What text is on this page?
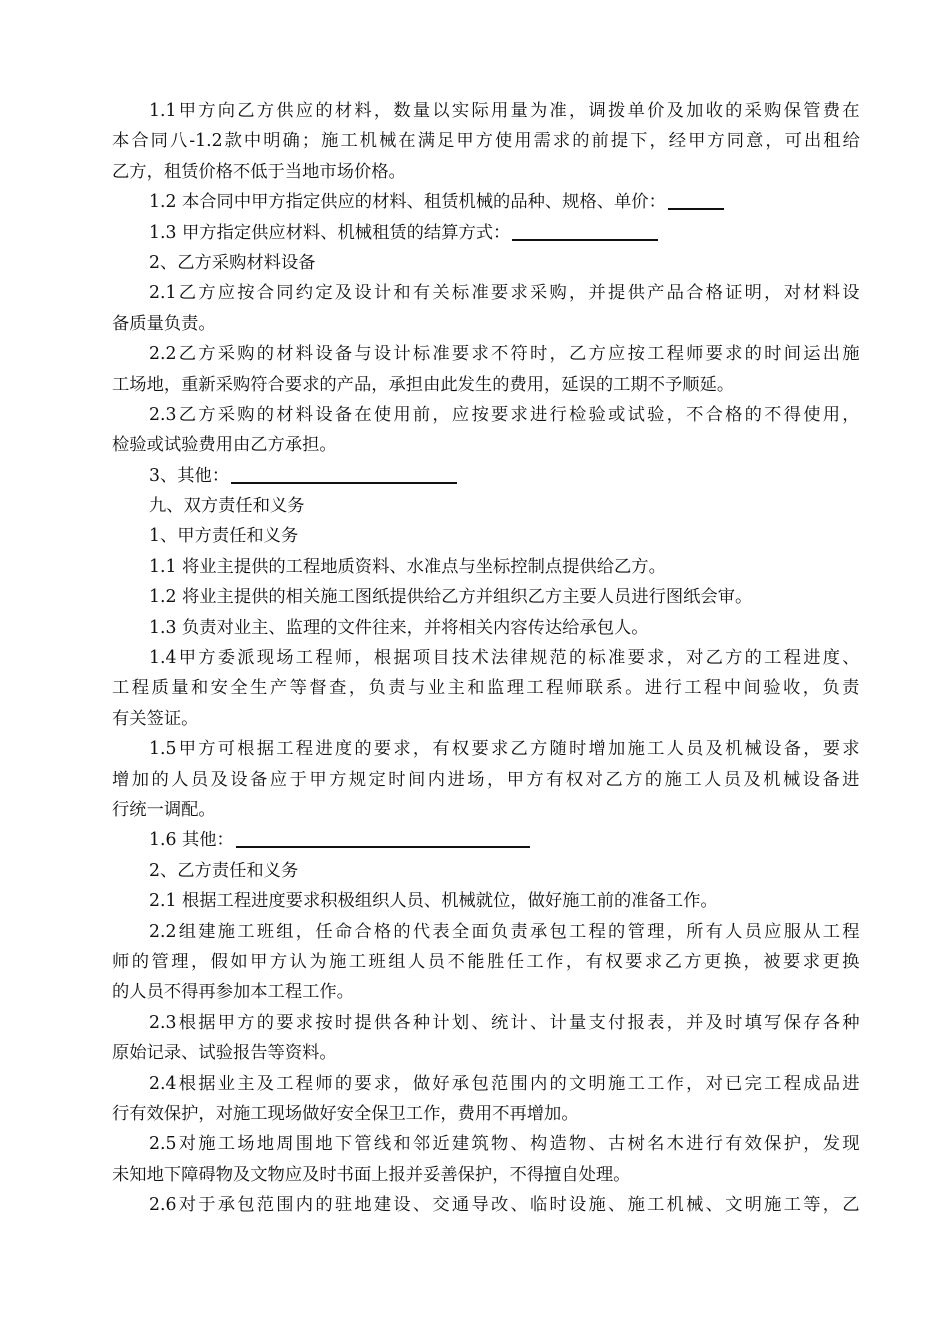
1.1 甲 方 向 乙 方 供 应 的 材 料 ， 数 量 以 实 际 用 量 为 准 ， 调 拨 单 价 及 加 收 的 采 购 保 管 费 在
本 合 同 八 -1.2 款 中 明 确 ； 施 工 机 械 在 满 足 甲 方 使 用 需 求 的 前 提 下 ， 经 甲 方 同 意 ， 可 出 租 给
乙方，租赁价格不低于当地市场价格。
1.2 本合同中甲方指定供应的材料、租赁机械的品种、规格、单价：
1.3 甲方指定供应材料、机械租赁的结算方式：
2、乙方采购材料设备
2.1 乙 方 应 按 合 同 约 定 及 设 计 和 有 关 标 准 要 求 采 购 ， 并 提 供 产 品 合 格 证 明 ， 对 材 料 设
备质量负责。
2.2 乙 方 采 购 的 材 料 设 备 与 设 计 标 准 要 求 不 符 时 ， 乙 方 应 按 工 程 师 要 求 的 时 间 运 出 施
工场地，重新采购符合要求的产品，承担由此发生的费用，延误的工期不予顺延。
2.3 乙 方 采 购 的 材 料 设 备 在 使 用 前 ， 应 按 要 求 进 行 检 验 或 试 验 ， 不 合 格 的 不 得 使 用 ，
检验或试验费用由乙方承担。
3、其他：
九、双方责任和义务
1、甲方责任和义务
1.1 将业主提供的工程地质资料、水准点与坐标控制点提供给乙方。
1.2 将业主提供的相关施工图纸提供给乙方并组织乙方主要人员进行图纸会审。
1.3 负责对业主、监理的文件往来，并将相关内容传达给承包人。
1.4 甲 方 委 派 现 场 工 程 师 ， 根 据 项 目 技 术 法 律 规 范 的 标 准 要 求 ， 对 乙 方 的 工 程 进 度 、
工 程 质 量 和 安 全 生 产 等 督 查 ， 负 责 与 业 主 和 监 理 工 程 师 联 系 。 进 行 工 程 中 间 验 收 ， 负 责
有关签证。
1.5 甲 方 可 根 据 工 程 进 度 的 要 求 ， 有 权 要 求 乙 方 随 时 增 加 施 工 人 员 及 机 械 设 备 ， 要 求
增 加 的 人 员 及 设 备 应 于 甲 方 规 定 时 间 内 进 场 ， 甲 方 有 权 对 乙 方 的 施 工 人 员 及 机 械 设 备 进
行统一调配。
1.6 其他：
2、乙方责任和义务
2.1 根据工程进度要求积极组织人员、机械就位，做好施工前的准备工作。
2.2 组 建 施 工 班 组 ， 任 命 合 格 的 代 表 全 面 负 责 承 包 工 程 的 管 理 ， 所 有 人 员 应 服 从 工 程
师 的 管 理 ， 假 如 甲 方 认 为 施 工 班 组 人 员 不 能 胜 任 工 作 ， 有 权 要 求 乙 方 更 换 ， 被 要 求 更 换
的人员不得再参加本工程工作。
2.3 根 据 甲 方 的 要 求 按 时 提 供 各 种 计 划 、 统 计 、 计 量 支 付 报 表 ， 并 及 时 填 写 保 存 各 种
原始记录、试验报告等资料。
2.4 根 据 业 主 及 工 程 师 的 要 求 ， 做 好 承 包 范 围 内 的 文 明 施 工 工 作 ， 对 已 完 工 程 成 品 进
行有效保护，对施工现场做好安全保卫工作，费用不再增加。
2.5 对 施 工 场 地 周 围 地 下 管 线 和 邻 近 建 筑 物 、 构 造 物 、 古 树 名 木 进 行 有 效 保 护 ， 发 现
未知地下障碍物及文物应及时书面上报并妥善保护，不得擅自处理。
2.6 对 于 承 包 范 围 内 的 驻 地 建 设 、 交 通 导 改 、 临 时 设 施 、 施 工 机 械 、 文 明 施 工 等 ， 乙
